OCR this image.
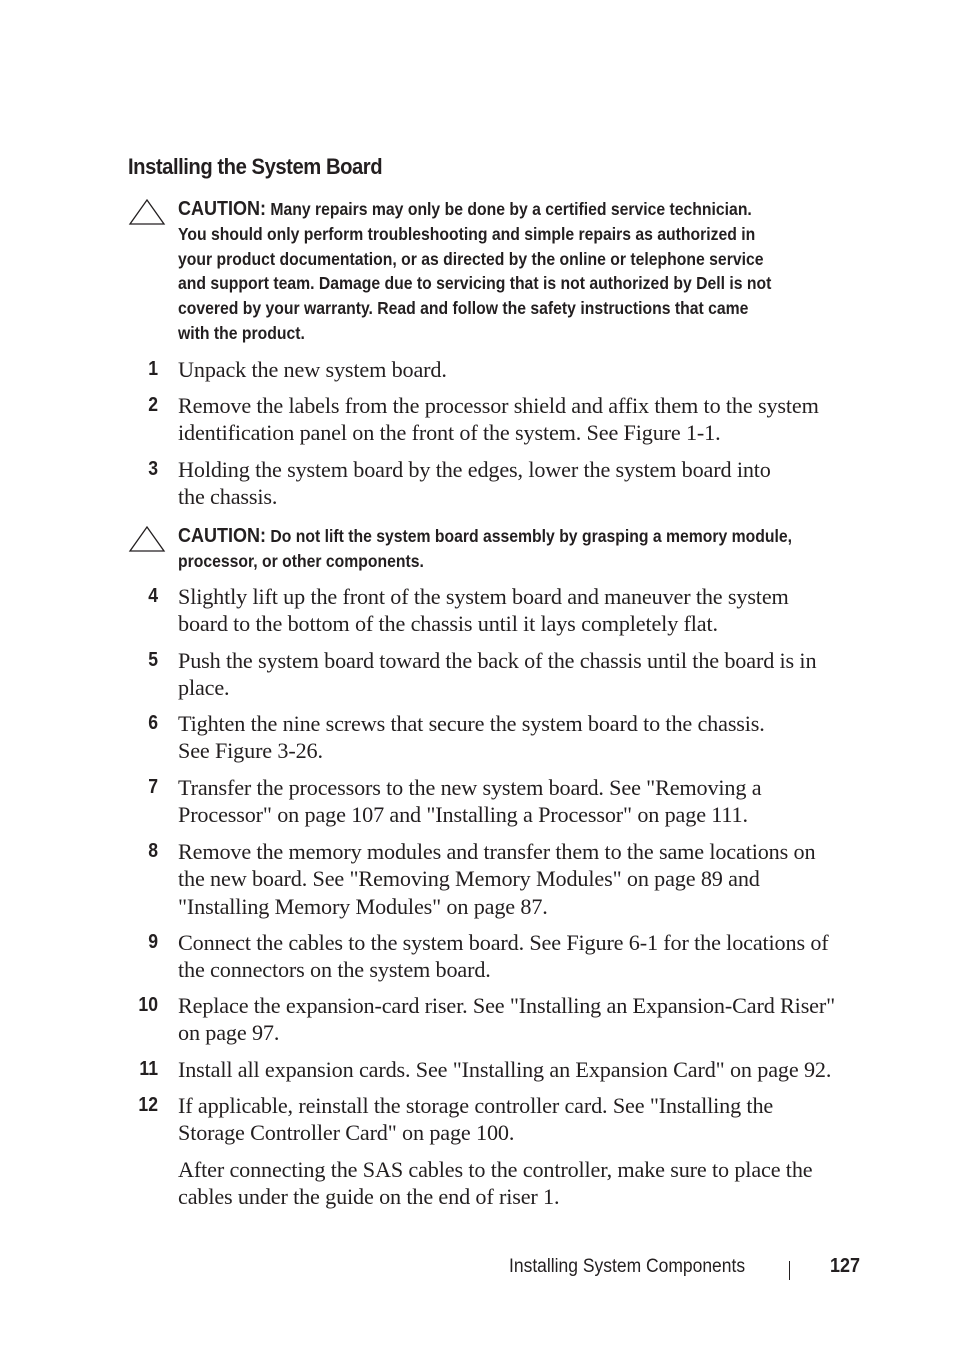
Installing the System Board
CAUTION: Many repairs may only be done by a certified service technician.
You should only perform troubleshooting and simple repairs as authorized in
your product documentation, or as directed by the online or telephone service
and support team. Damage due to servicing that is not authorized by Dell is not
covered by your warranty. Read and follow the safety instructions that came
with the product.
1 Unpack the new system board.
2 Remove the labels from the processor shield and affix them to the system
identification panel on the front of the system. See Figure 1-1.
3 Holding the system board by the edges, lower the system board into
the chassis.
CAUTION: Do not lift the system board assembly by grasping a memory module,
processor, or other components.
4 Slightly lift up the front of the system board and maneuver the system
board to the bottom of the chassis until it lays completely flat.
5 Push the system board toward the back of the chassis until the board is in
place.
6 Tighten the nine screws that secure the system board to the chassis.
See Figure 3-26.
7 Transfer the processors to the new system board. See "Removing a
Processor" on page 107 and "Installing a Processor" on page 111.
8 Remove the memory modules and transfer them to the same locations on
the new board. See "Removing Memory Modules" on page 89 and
"Installing Memory Modules" on page 87.
9 Connect the cables to the system board. See Figure 6-1 for the locations of
the connectors on the system board.
10 Replace the expansion-card riser. See "Installing an Expansion-Card Riser"
on page 97.
11 Install all expansion cards. See "Installing an Expansion Card" on page 92.
12 If applicable, reinstall the storage controller card. See "Installing the
Storage Controller Card" on page 100.
After connecting the SAS cables to the controller, make sure to place the
cables under the guide on the end of riser 1.
Installing System Components	127
